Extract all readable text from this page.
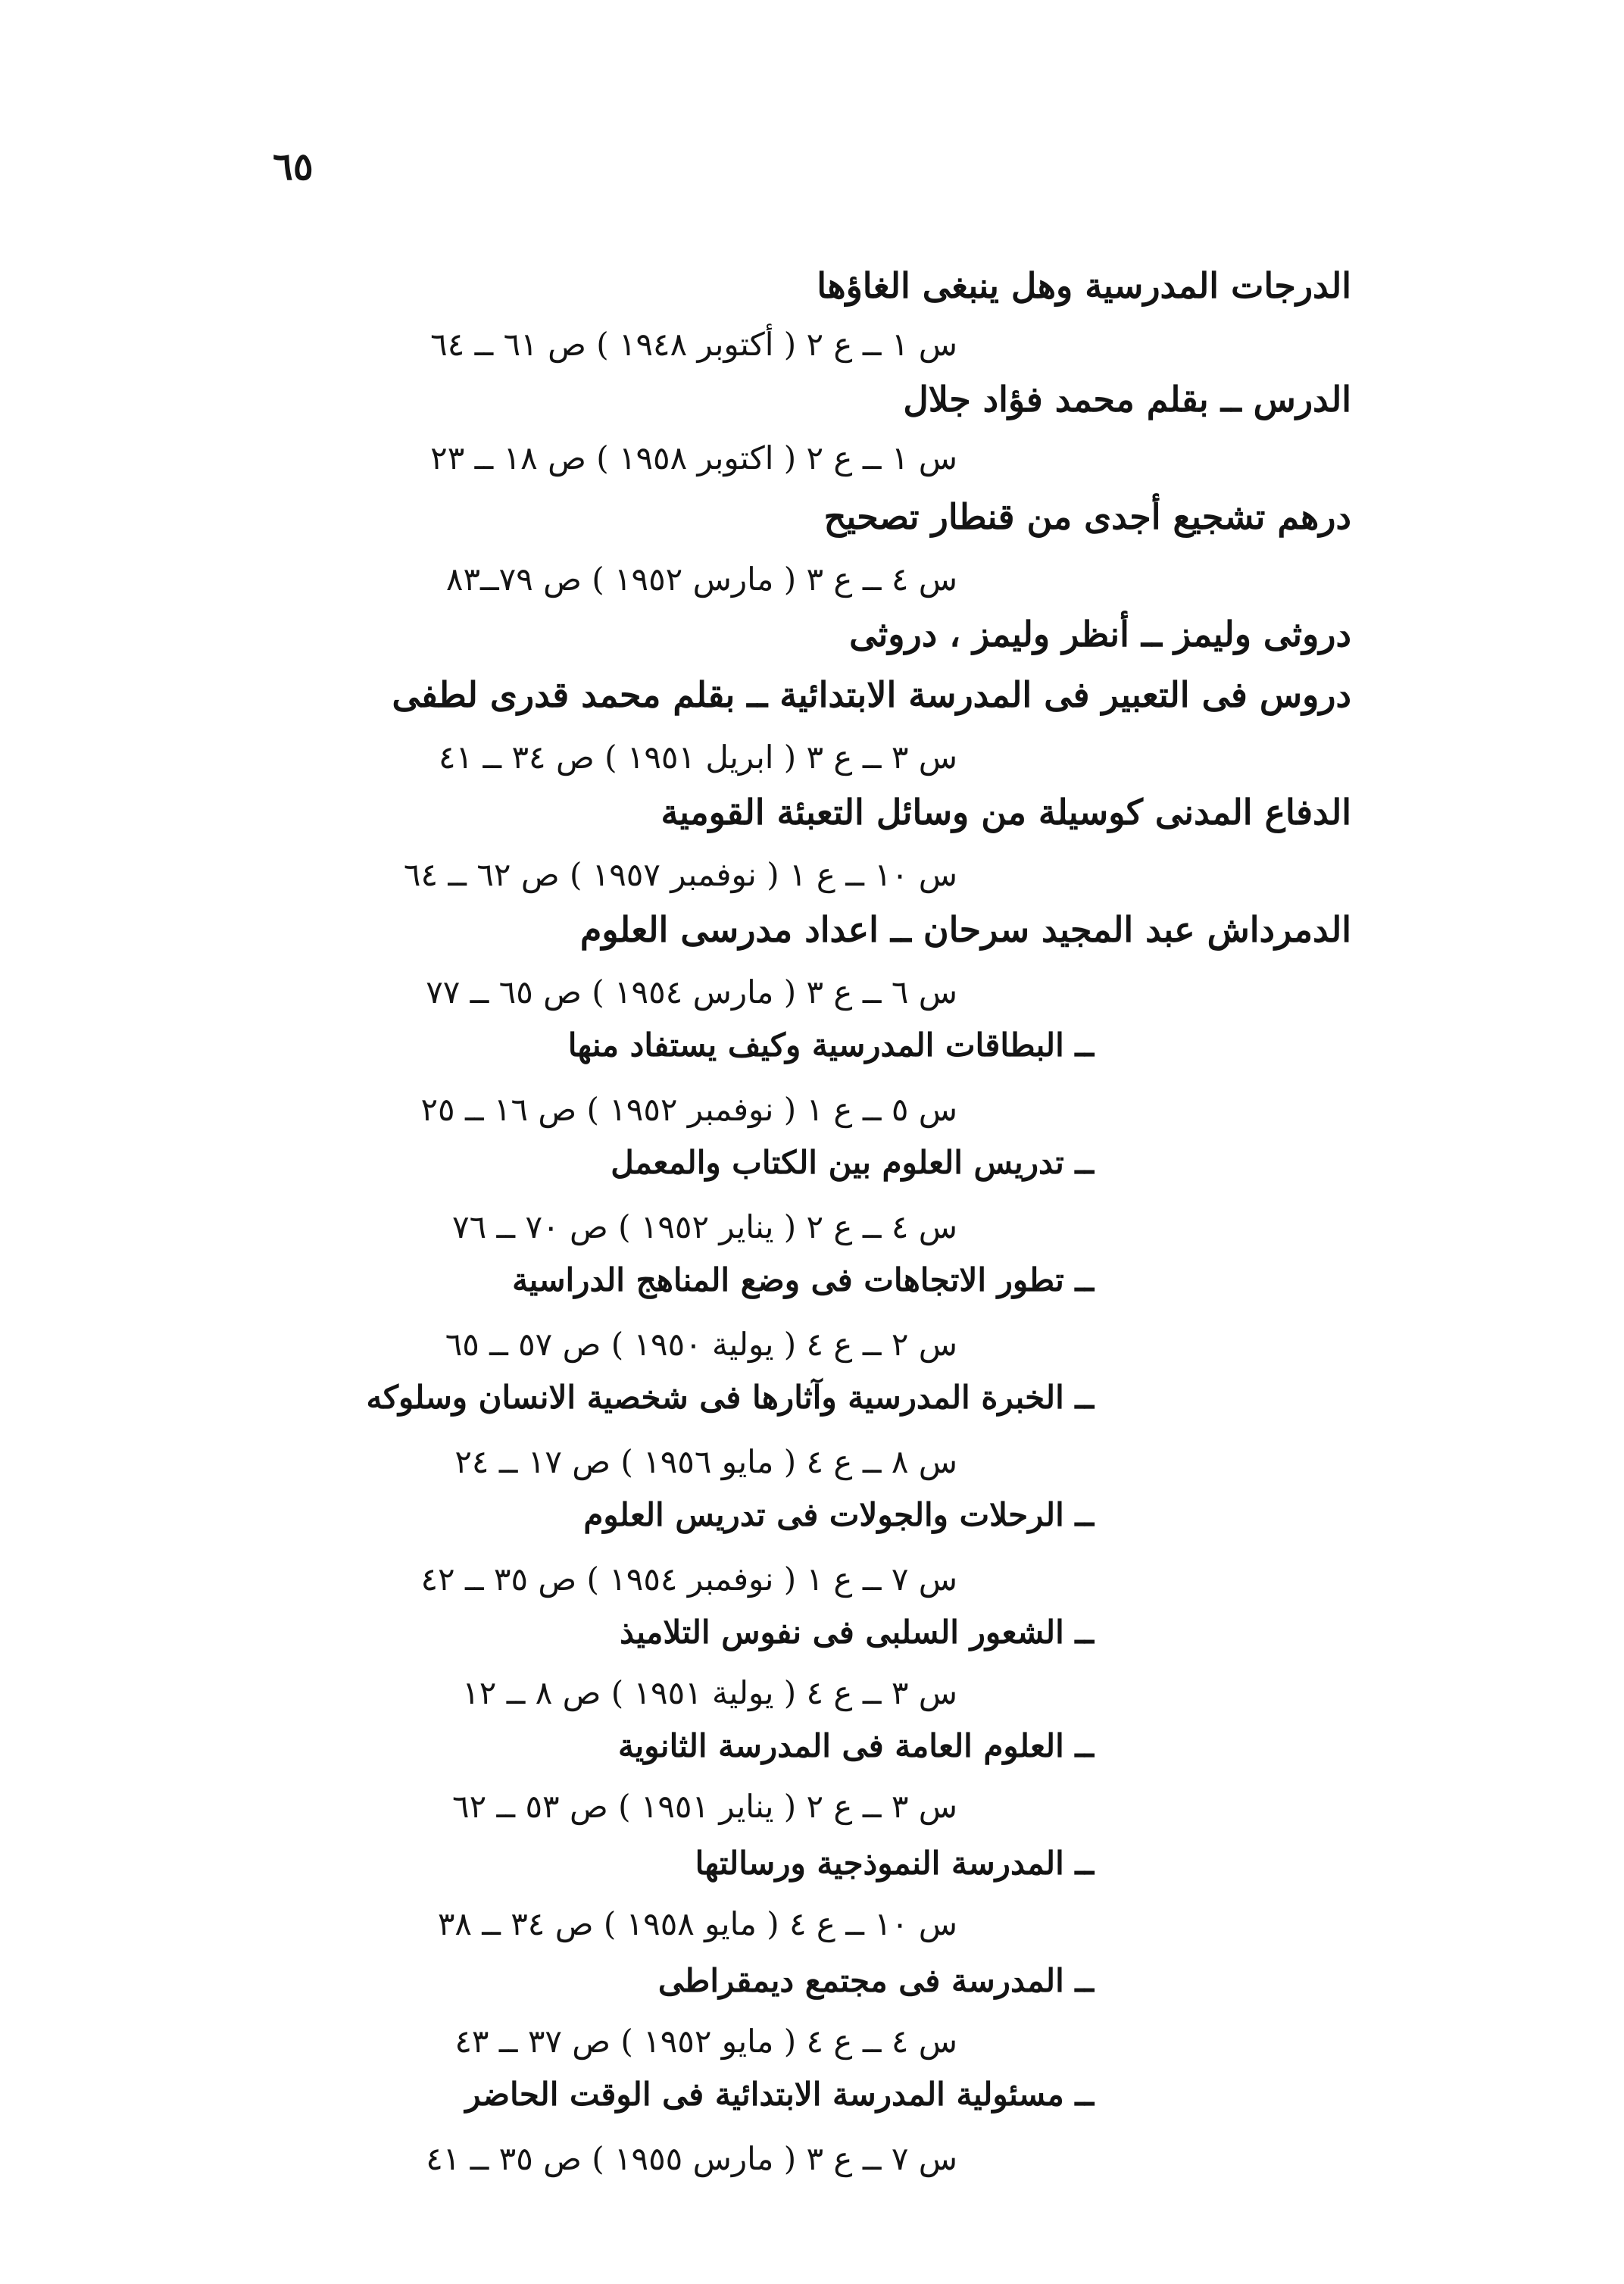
٦٥
الدرجات المدرسية وهل ينبغى الغاؤها
س ١ ــ ع ٢ ( أكتوبر ١٩٤٨ ) ص ٦١ ــ ٦٤
الدرس ــ بقلم محمد فؤاد جلال
س ١ ــ ع ٢ ( اكتوبر ١٩٥٨ ) ص ١٨ ــ ٢٣
درهم تشجيع أجدى من قنطار تصحيح
س ٤ ــ ع ٣ ( مارس ١٩٥٢ ) ص ٧٩ــ٨٣
دروثى وليمز ــ أنظر وليمز ، دروثى
دروس فى التعبير فى المدرسة الابتدائية ــ بقلم محمد قدرى لطفى
س ٣ ــ ع ٣ ( ابريل ١٩٥١ ) ص ٣٤ ــ ٤١
الدفاع المدنى كوسيلة من وسائل التعبئة القومية
س ١٠ ــ ع ١ ( نوفمبر ١٩٥٧ ) ص ٦٢ ــ ٦٤
الدمرداش عبد المجيد سرحان ــ اعداد مدرسى العلوم
س ٦ ــ ع ٣ ( مارس ١٩٥٤ ) ص ٦٥ ــ ٧٧
ــ البطاقات المدرسية وكيف يستفاد منها
س ٥ ــ ع ١ ( نوفمبر ١٩٥٢ ) ص ١٦ ــ ٢٥
ــ تدريس العلوم بين الكتاب والمعمل
س ٤ ــ ع ٢ ( يناير ١٩٥٢ ) ص ٧٠ ــ ٧٦
ــ تطور الاتجاهات فى وضع المناهج الدراسية
س ٢ ــ ع ٤ ( يولية ١٩٥٠ ) ص ٥٧ ــ ٦٥
ــ الخبرة المدرسية وآثارها فى شخصية الانسان وسلوكه
س ٨ ــ ع ٤ ( مايو ١٩٥٦ ) ص ١٧ ــ ٢٤
ــ الرحلات والجولات فى تدريس العلوم
س ٧ ــ ع ١ ( نوفمبر ١٩٥٤ ) ص ٣٥ ــ ٤٢
ــ الشعور السلبى فى نفوس التلاميذ
س ٣ ــ ع ٤ ( يولية ١٩٥١ ) ص ٨ ــ ١٢
ــ العلوم العامة فى المدرسة الثانوية
س ٣ ــ ع ٢ ( يناير ١٩٥١ ) ص ٥٣ ــ ٦٢
ــ المدرسة النموذجية ورسالتها
س ١٠ ــ ع ٤ ( مايو ١٩٥٨ ) ص ٣٤ ــ ٣٨
ــ المدرسة فى مجتمع ديمقراطى
س ٤ ــ ع ٤ ( مايو ١٩٥٢ ) ص ٣٧ ــ ٤٣
ــ مسئولية المدرسة الابتدائية فى الوقت الحاضر
س ٧ ــ ع ٣ ( مارس ١٩٥٥ ) ص ٣٥ ــ ٤١
